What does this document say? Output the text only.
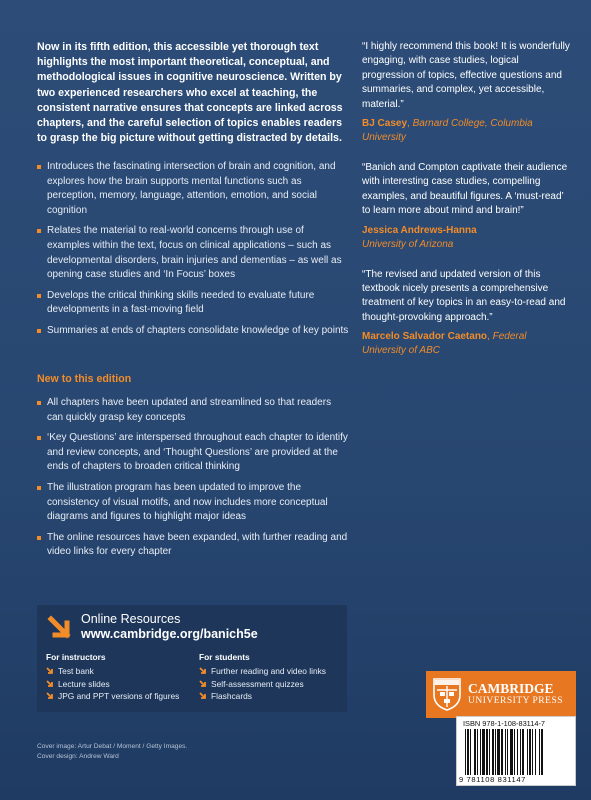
Now in its fifth edition, this accessible yet thorough text highlights the most important theoretical, conceptual, and methodological issues in cognitive neuroscience. Written by two experienced researchers who excel at teaching, the consistent narrative ensures that concepts are linked across chapters, and the careful selection of topics enables readers to grasp the big picture without getting distracted by details.

Introduces the fascinating intersection of brain and cognition, and explores how the brain supports mental functions such as perception, memory, language, attention, emotion, and social cognition
Relates the material to real-world concerns through use of examples within the text, focus on clinical applications – such as developmental disorders, brain injuries and dementias – as well as opening case studies and ‘In Focus’ boxes
Develops the critical thinking skills needed to evaluate future developments in a fast-moving field
Summaries at ends of chapters consolidate knowledge of key points
New to this edition
All chapters have been updated and streamlined so that readers can quickly grasp key concepts
‘Key Questions’ are interspersed throughout each chapter to identify and review concepts, and ‘Thought Questions’ are provided at the ends of chapters to broaden critical thinking
The illustration program has been updated to improve the consistency of visual motifs, and now includes more conceptual diagrams and figures to highlight major ideas
The online resources have been expanded, with further reading and video links for every chapter

“I highly recommend this book! It is wonderfully engaging, with case studies, logical progression of topics, effective questions and summaries, and complex, yet accessible, material.”

BJ Casey, Barnard College, Columbia University

“Banich and Compton captivate their audience with interesting case studies, compelling examples, and beautiful figures. A ‘must-read’ to learn more about mind and brain!”

Jessica Andrews-Hanna
University of Arizona

“The revised and updated version of this textbook nicely presents a comprehensive treatment of key topics in an easy-to-read and thought-provoking approach.”

Marcelo Salvador Caetano, Federal University of ABC

Online Resources
www.cambridge.org/banich5e
For instructors
Test bank
Lecture slides
JPG and PPT versions of figures
For students
Further reading and video links
Self-assessment quizzes
Flashcards
Cover image: Artur Debat / Moment / Getty Images.
Cover design: Andrew Ward
CAMBRIDGE
UNIVERSITY PRESS
ISBN 978-1-108-83114-7
9 781108 831147
